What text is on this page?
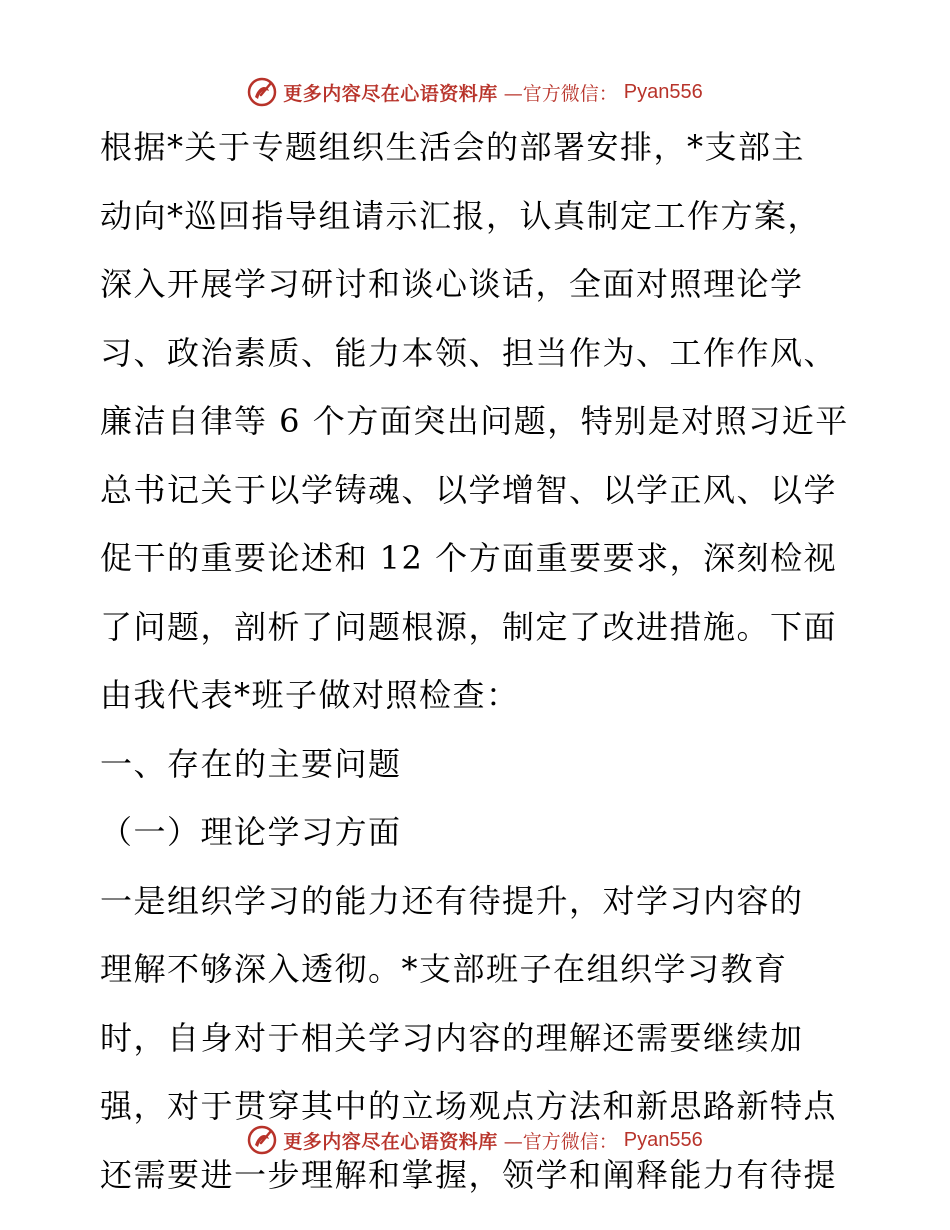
更多内容尽在心语资料库 —官方微信： Pyan556
根据*关于专题组织生活会的部署安排，*支部主
动向*巡回指导组请示汇报，认真制定工作方案，
深入开展学习研讨和谈心谈话，全面对照理论学
习、政治素质、能力本领、担当作为、工作作风、
廉洁自律等 6 个方面突出问题，特别是对照习近平
总书记关于以学铸魂、以学增智、以学正风、以学
促干的重要论述和 12 个方面重要要求，深刻检视
了问题，剖析了问题根源，制定了改进措施。下面
由我代表*班子做对照检查：
一、存在的主要问题
（一）理论学习方面
一是组织学习的能力还有待提升，对学习内容的
理解不够深入透彻。*支部班子在组织学习教育
时，自身对于相关学习内容的理解还需要继续加
强，对于贯穿其中的立场观点方法和新思路新特点
还需要进一步理解和掌握，领学和阐释能力有待提
更多内容尽在心语资料库 —官方微信： Pyan556
